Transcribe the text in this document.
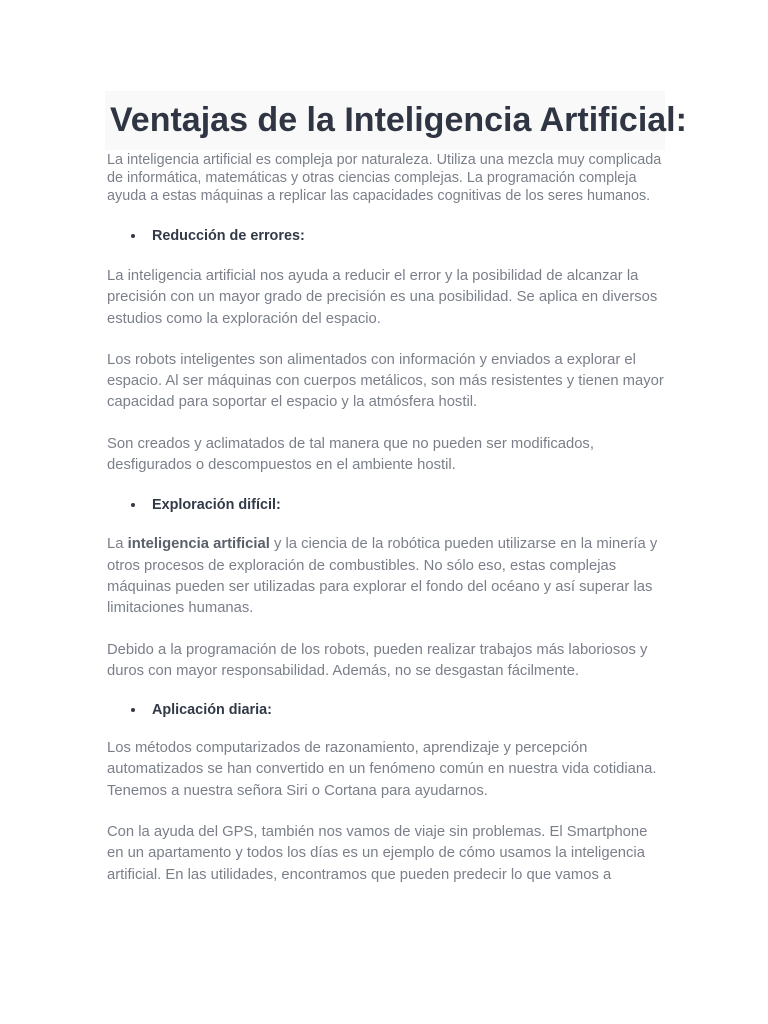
Ventajas de la Inteligencia Artificial:

La inteligencia artificial es compleja por naturaleza. Utiliza una mezcla muy complicada de informática, matemáticas y otras ciencias complejas. La programación compleja ayuda a estas máquinas a replicar las capacidades cognitivas de los seres humanos.

Reducción de errores:

La inteligencia artificial nos ayuda a reducir el error y la posibilidad de alcanzar la precisión con un mayor grado de precisión es una posibilidad. Se aplica en diversos estudios como la exploración del espacio.

Los robots inteligentes son alimentados con información y enviados a explorar el espacio. Al ser máquinas con cuerpos metálicos, son más resistentes y tienen mayor capacidad para soportar el espacio y la atmósfera hostil.

Son creados y aclimatados de tal manera que no pueden ser modificados, desfigurados o descompuestos en el ambiente hostil.

Exploración difícil:

La inteligencia artificial y la ciencia de la robótica pueden utilizarse en la minería y otros procesos de exploración de combustibles. No sólo eso, estas complejas máquinas pueden ser utilizadas para explorar el fondo del océano y así superar las limitaciones humanas.

Debido a la programación de los robots, pueden realizar trabajos más laboriosos y duros con mayor responsabilidad. Además, no se desgastan fácilmente.

Aplicación diaria:

Los métodos computarizados de razonamiento, aprendizaje y percepción automatizados se han convertido en un fenómeno común en nuestra vida cotidiana. Tenemos a nuestra señora Siri o Cortana para ayudarnos.

Con la ayuda del GPS, también nos vamos de viaje sin problemas. El Smartphone en un apartamento y todos los días es un ejemplo de cómo usamos la inteligencia artificial. En las utilidades, encontramos que pueden predecir lo que vamos a
